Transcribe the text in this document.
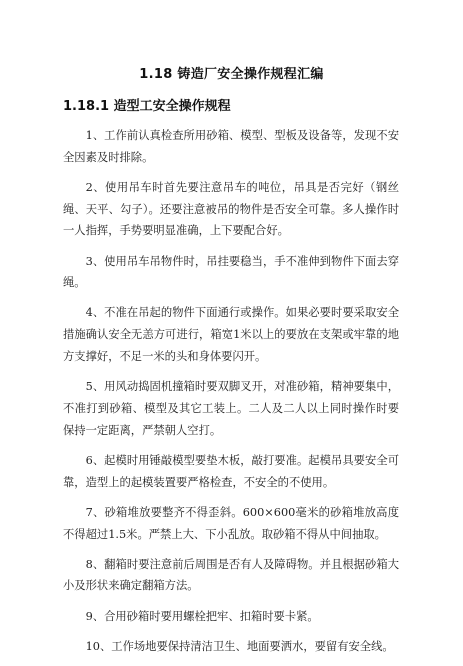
1.18 铸造厂安全操作规程汇编
1.18.1 造型工安全操作规程

1、工作前认真检查所用砂箱、模型、型板及设备等，发现不安全因素及时排除。

2、使用吊车时首先要注意吊车的吨位，吊具是否完好（钢丝绳、天平、勾子）。还要注意被吊的物件是否安全可靠。多人操作时一人指挥，手势要明显准确，上下要配合好。

3、使用吊车吊物件时，吊挂要稳当，手不准伸到物件下面去穿绳。

4、不准在吊起的物件下面通行或操作。如果必要时要采取安全措施确认安全无恙方可进行，箱宽1米以上的要放在支架或牢靠的地方支撑好，不足一米的头和身体要闪开。

5、用风动捣固机撞箱时要双脚叉开，对准砂箱，精神要集中，不准打到砂箱、模型及其它工装上。二人及二人以上同时操作时要保持一定距离，严禁朝人空打。

6、起模时用锤敲模型要垫木板，敲打要准。起模吊具要安全可靠，造型上的起模装置要严格检查，不安全的不使用。

7、砂箱堆放要整齐不得歪斜。600×600毫米的砂箱堆放高度不得超过1.5米。严禁上大、下小乱放。取砂箱不得从中间抽取。

8、翻箱时要注意前后周围是否有人及障碍物。并且根据砂箱大小及形状来确定翻箱方法。

9、合用砂箱时要用螺栓把牢、扣箱时要卡紧。

10、工作场地要保持清洁卫生、地面要洒水，要留有安全线。
